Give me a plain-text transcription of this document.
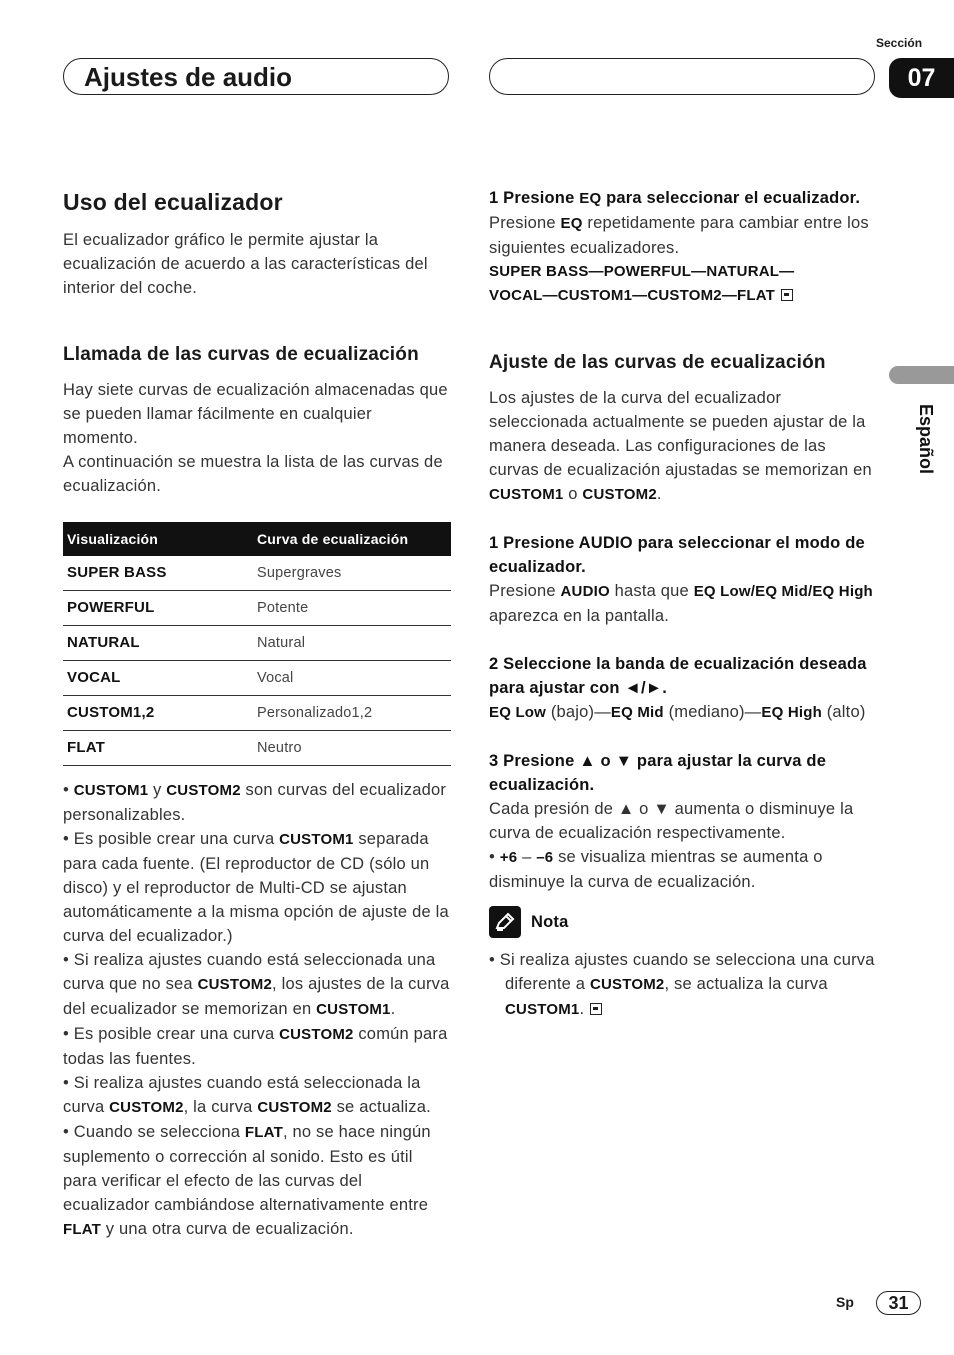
Sección
Ajustes de audio	07
Español
Uso del ecualizador

El ecualizador gráfico le permite ajustar la ecualización de acuerdo a las características del interior del coche.

Llamada de las curvas de ecualización

Hay siete curvas de ecualización almacenadas que se pueden llamar fácilmente en cualquier momento.

A continuación se muestra la lista de las curvas de ecualización.

Visualización	Curva de ecualización
SUPER BASS	Supergraves
POWERFUL	Potente
NATURAL	Natural
VOCAL	Vocal
CUSTOM1,2	Personalizado1,2
FLAT	Neutro

• CUSTOM1 y CUSTOM2 son curvas del ecualizador personalizables.

• Es posible crear una curva CUSTOM1 separada para cada fuente. (El reproductor de CD (sólo un disco) y el reproductor de Multi-CD se ajustan automáticamente a la misma opción de ajuste de la curva del ecualizador.)

• Si realiza ajustes cuando está seleccionada una curva que no sea CUSTOM2, los ajustes de la curva del ecualizador se memorizan en CUSTOM1.

• Es posible crear una curva CUSTOM2 común para todas las fuentes.

• Si realiza ajustes cuando está seleccionada la curva CUSTOM2, la curva CUSTOM2 se actualiza.

• Cuando se selecciona FLAT, no se hace ningún suplemento o corrección al sonido. Esto es útil para verificar el efecto de las curvas del ecualizador cambiándose alternativamente entre FLAT y una otra curva de ecualización.

1 Presione EQ para seleccionar el ecualizador.

Presione EQ repetidamente para cambiar entre los siguientes ecualizadores.

SUPER BASS—POWERFUL—NATURAL—

VOCAL—CUSTOM1—CUSTOM2—FLAT

Ajuste de las curvas de ecualización

Los ajustes de la curva del ecualizador seleccionada actualmente se pueden ajustar de la manera deseada. Las configuraciones de las curvas de ecualización ajustadas se memorizan en CUSTOM1 o CUSTOM2.

1 Presione AUDIO para seleccionar el modo de ecualizador.

Presione AUDIO hasta que EQ Low/EQ Mid/EQ High aparezca en la pantalla.

2 Seleccione la banda de ecualización deseada para ajustar con ◄/►.

EQ Low (bajo)—EQ Mid (mediano)—EQ High (alto)

3 Presione ▲ o ▼ para ajustar la curva de ecualización.

Cada presión de ▲ o ▼ aumenta o disminuye la curva de ecualización respectivamente.

• +6 – –6 se visualiza mientras se aumenta o disminuye la curva de ecualización.

Nota

• Si realiza ajustes cuando se selecciona una curva diferente a CUSTOM2, se actualiza la curva CUSTOM1.

Sp	31
